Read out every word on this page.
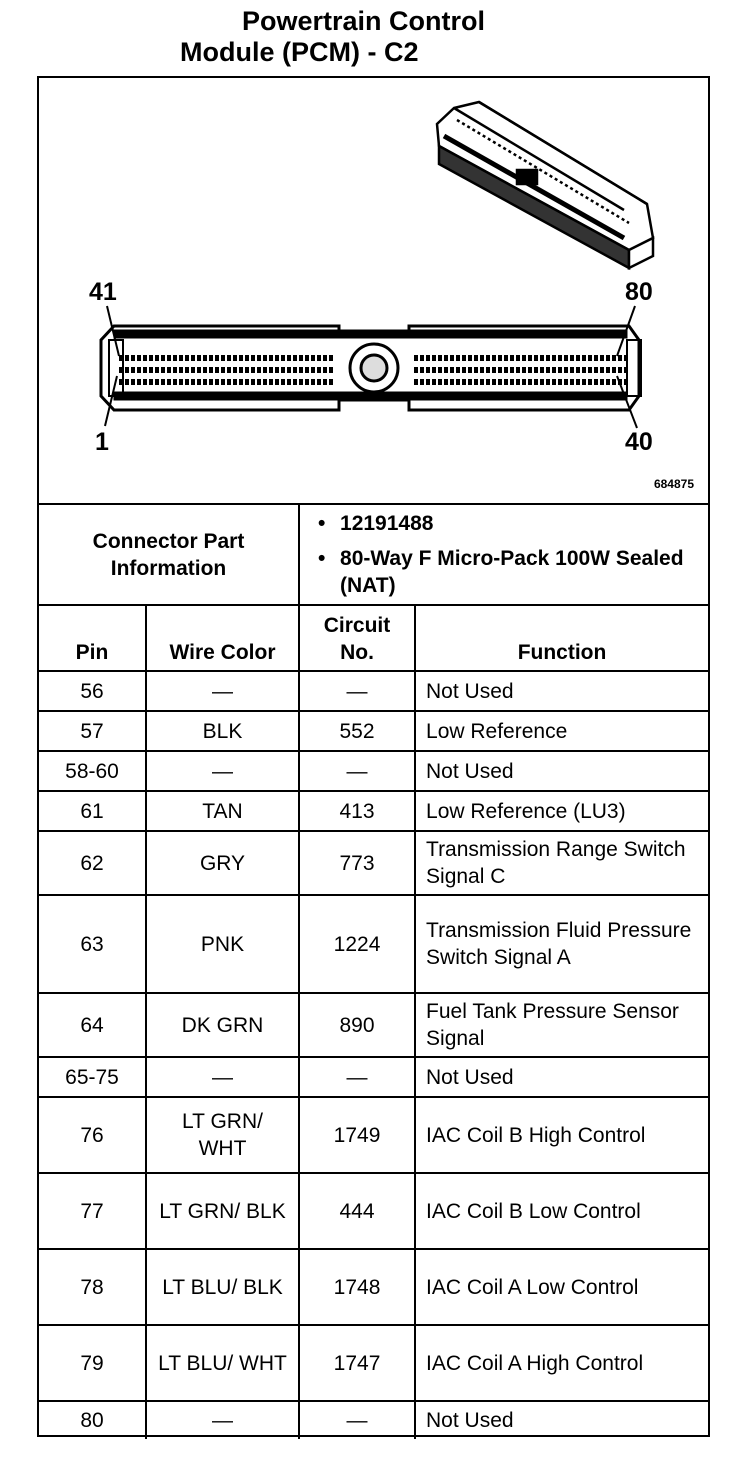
Powertrain Control
Module (PCM) - C2
41	80
1	40
684875
Connector Part Information		• 12191488
• 80-Way F Micro-Pack 100W Sealed (NAT)

Pin	Wire Color	Circuit No.	Function
56	—	—	Not Used
57	BLK	552	Low Reference
58-60	—	—	Not Used
61	TAN	413	Low Reference (LU3)
62	GRY	773	Transmission Range Switch Signal C
63	PNK	1224	Transmission Fluid Pressure Switch Signal A
64	DK GRN	890	Fuel Tank Pressure Sensor Signal
65-75	—	—	Not Used
76	LT GRN/ WHT	1749	IAC Coil B High Control
77	LT GRN/ BLK	444	IAC Coil B Low Control
78	LT BLU/ BLK	1748	IAC Coil A Low Control
79	LT BLU/ WHT	1747	IAC Coil A High Control
80	—	—	Not Used
